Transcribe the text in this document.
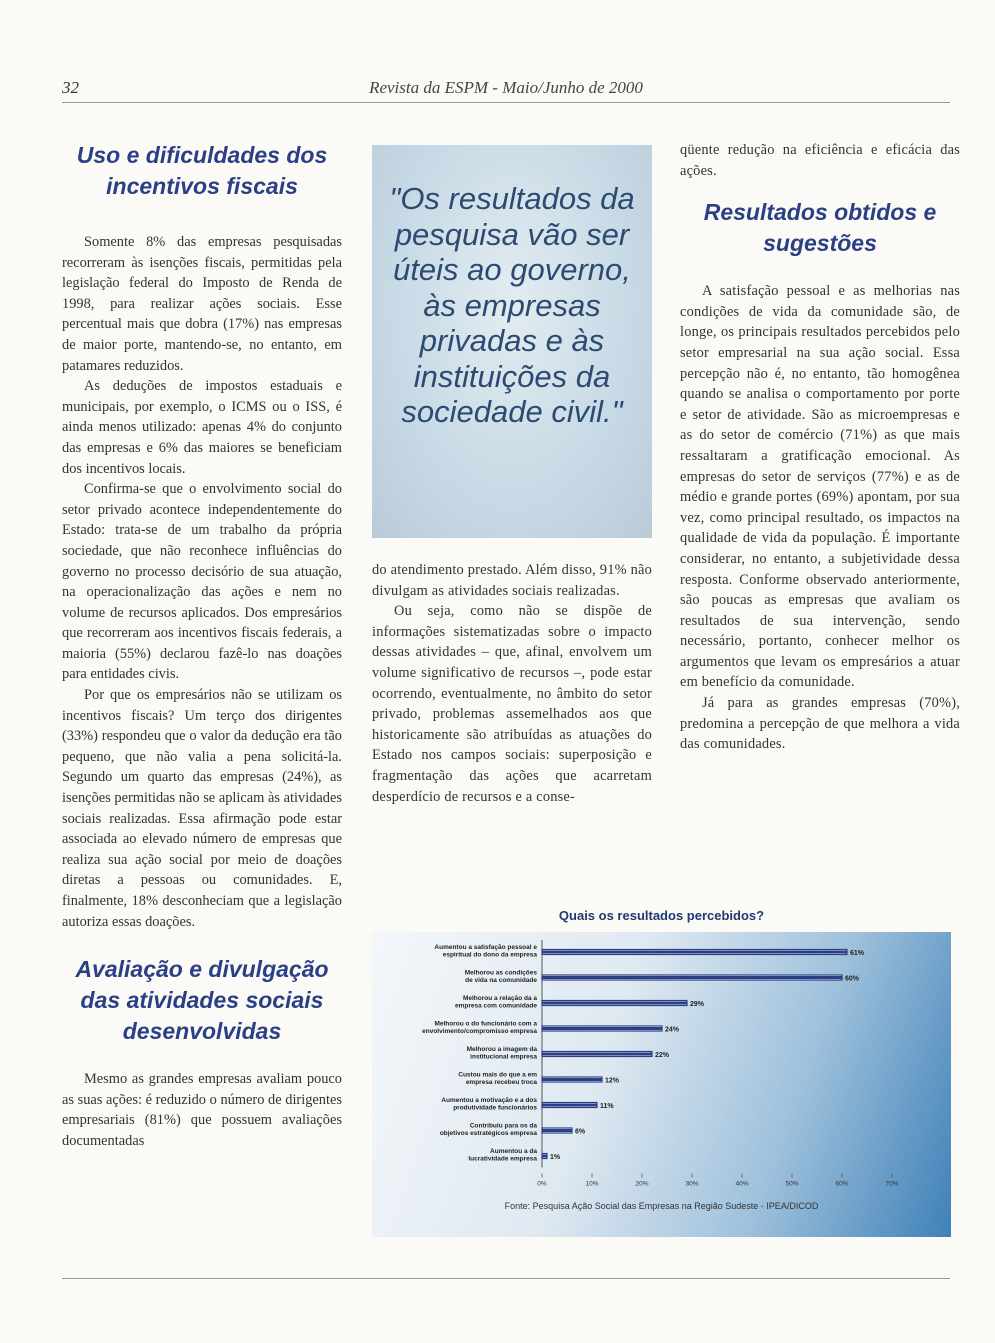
32	Revista da ESPM - Maio/Junho de 2000
Uso e dificuldades dos incentivos fiscais

Somente 8% das empresas pesquisadas recorreram às isenções fiscais, permitidas pela legislação federal do Imposto de Renda de 1998, para realizar ações sociais. Esse percentual mais que dobra (17%) nas empresas de maior porte, mantendo-se, no entanto, em patamares reduzidos.

As deduções de impostos estaduais e municipais, por exemplo, o ICMS ou o ISS, é ainda menos utilizado: apenas 4% do conjunto das empresas e 6% das maiores se beneficiam dos incentivos locais.

Confirma-se que o envolvimento social do setor privado acontece independentemente do Estado: trata-se de um trabalho da própria sociedade, que não reconhece influências do governo no processo decisório de sua atuação, na operacionalização das ações e nem no volume de recursos aplicados. Dos empresários que recorreram aos incentivos fiscais federais, a maioria (55%) declarou fazê-lo nas doações para entidades civis.

Por que os empresários não se utilizam os incentivos fiscais? Um terço dos dirigentes (33%) respondeu que o valor da dedução era tão pequeno, que não valia a pena solicitá-la. Segundo um quarto das empresas (24%), as isenções permitidas não se aplicam às atividades sociais realizadas. Essa afirmação pode estar associada ao elevado número de empresas que realiza sua ação social por meio de doações diretas a pessoas ou comunidades. E, finalmente, 18% desconheciam que a legislação autoriza essas doações.

Avaliação e divulgação das atividades sociais desenvolvidas

Mesmo as grandes empresas avaliam pouco as suas ações: é reduzido o número de dirigentes empresariais (81%) que possuem avaliações documentadas

"Os resultados da pesquisa vão ser úteis ao governo, às empresas privadas e às instituições da sociedade civil."

do atendimento prestado. Além disso, 91% não divulgam as atividades sociais realizadas.

Ou seja, como não se dispõe de informações sistematizadas sobre o impacto dessas atividades – que, afinal, envolvem um volume significativo de recursos –, pode estar ocorrendo, eventualmente, no âmbito do setor privado, problemas assemelhados aos que historicamente são atribuídas as atuações do Estado nos campos sociais: superposição e fragmentação das ações que acarretam desperdício de recursos e a conse-

qüente redução na eficiência e eficácia das ações.

Resultados obtidos e sugestões

A satisfação pessoal e as melhorias nas condições de vida da comunidade são, de longe, os principais resultados percebidos pelo setor empresarial na sua ação social. Essa percepção não é, no entanto, tão homogênea quando se analisa o comportamento por porte e setor de atividade. São as microempresas e as do setor de comércio (71%) as que mais ressaltaram a gratificação emocional. As empresas do setor de serviços (77%) e as de médio e grande portes (69%) apontam, por sua vez, como principal resultado, os impactos na qualidade de vida da população. É importante considerar, no entanto, a subjetividade dessa resposta. Conforme observado anteriormente, são poucas as empresas que avaliam os resultados de sua intervenção, sendo necessário, portanto, conhecer melhor os argumentos que levam os empresários a atuar em benefício da comunidade.

Já para as grandes empresas (70%), predomina a percepção de que melhora a vida das comunidades.

Quais os resultados percebidos?
Aumentou a satisfação pessoal e espiritual do dono da empresa	61%
Melhorou as condições de vida na comunidade	60%
Melhorou a relação da a empresa com comunidade	29%
Melhorou o do funcionário com a envolvimento/compromisso empresa	24%
Melhorou a imagem da institucional empresa	22%
Custou mais do que a em empresa recebeu troca	12%
Aumentou a motivação e a dos produtividade funcionários	11%
Contribuiu para os da objetivos estratégicos empresa	6%
Aumentou a da lucratividade empresa 1%
0%	10%	20%	30%	40%	50%	60%	70%
Fonte: Pesquisa Ação Social das Empresas na Região Sudeste - IPEA/DICOD
